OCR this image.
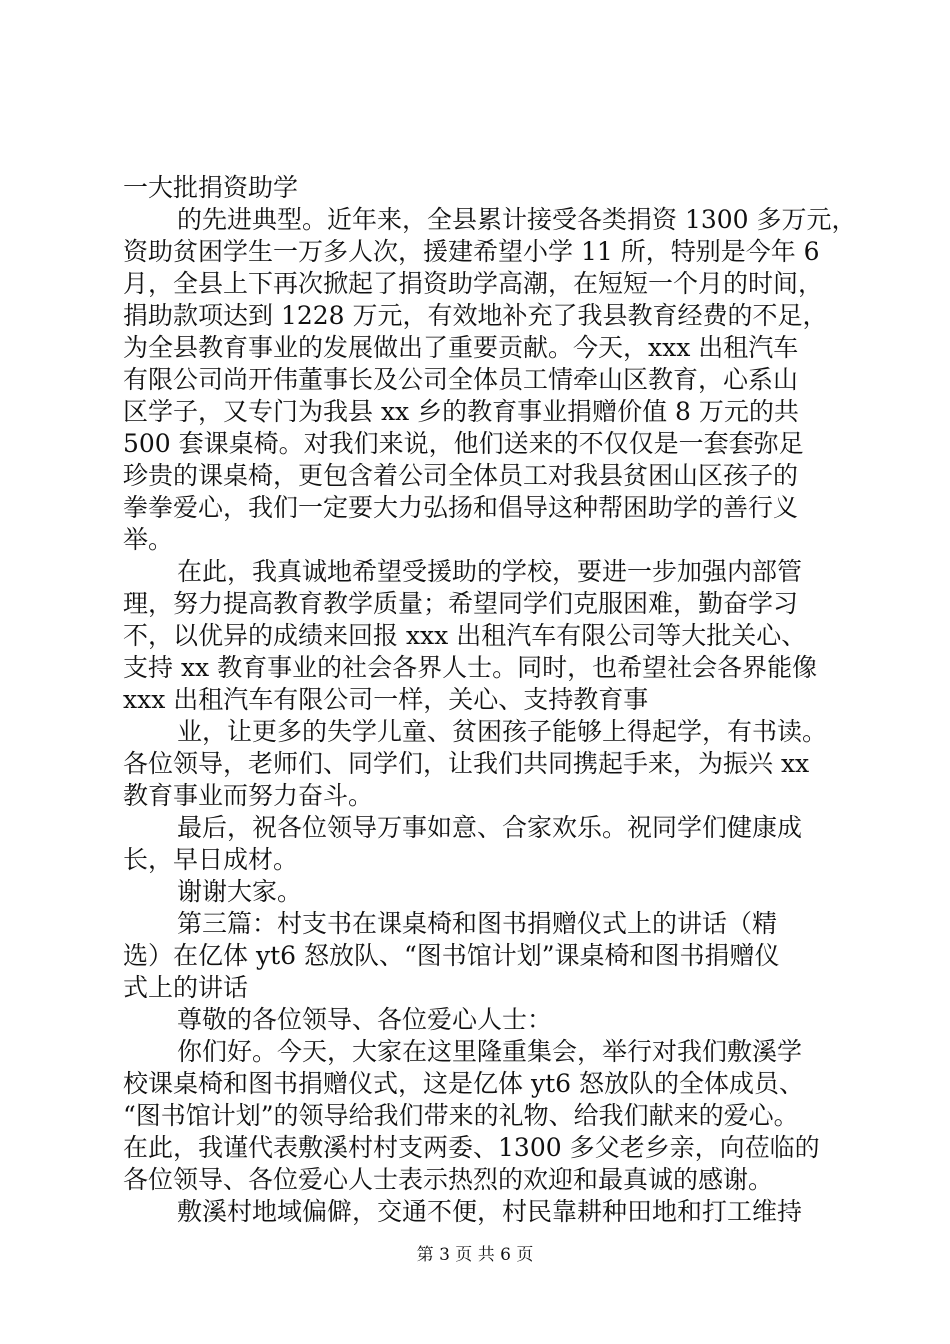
一大批捐资助学
的先进典型。近年来，全县累计接受各类捐资 1300 多万元，
资助贫困学生一万多人次，援建希望小学 11 所，特别是今年 6
月，全县上下再次掀起了捐资助学高潮，在短短一个月的时间，
捐助款项达到 1228 万元，有效地补充了我县教育经费的不足，
为全县教育事业的发展做出了重要贡献。今天，xxx 出租汽车
有限公司尚开伟董事长及公司全体员工情牵山区教育，心系山
区学子，又专门为我县 xx 乡的教育事业捐赠价值 8 万元的共
500 套课桌椅。对我们来说，他们送来的不仅仅是一套套弥足
珍贵的课桌椅，更包含着公司全体员工对我县贫困山区孩子的
拳拳爱心，我们一定要大力弘扬和倡导这种帮困助学的善行义
举。
在此，我真诚地希望受援助的学校，要进一步加强内部管
理，努力提高教育教学质量；希望同学们克服困难，勤奋学习
不，以优异的成绩来回报 xxx 出租汽车有限公司等大批关心、
支持 xx 教育事业的社会各界人士。同时，也希望社会各界能像
xxx 出租汽车有限公司一样，关心、支持教育事
业，让更多的失学儿童、贫困孩子能够上得起学，有书读。
各位领导，老师们、同学们，让我们共同携起手来，为振兴 xx
教育事业而努力奋斗。
最后，祝各位领导万事如意、合家欢乐。祝同学们健康成
长，早日成材。
谢谢大家。
第三篇：村支书在课桌椅和图书捐赠仪式上的讲话（精
选）在亿体 yt6 怒放队、“图书馆计划”课桌椅和图书捐赠仪
式上的讲话
尊敬的各位领导、各位爱心人士：
你们好。今天，大家在这里隆重集会，举行对我们敷溪学
校课桌椅和图书捐赠仪式，这是亿体 yt6 怒放队的全体成员、
“图书馆计划”的领导给我们带来的礼物、给我们献来的爱心。
在此，我谨代表敷溪村村支两委、1300 多父老乡亲，向莅临的
各位领导、各位爱心人士表示热烈的欢迎和最真诚的感谢。
敷溪村地域偏僻，交通不便，村民靠耕种田地和打工维持
第 3 页 共 6 页
